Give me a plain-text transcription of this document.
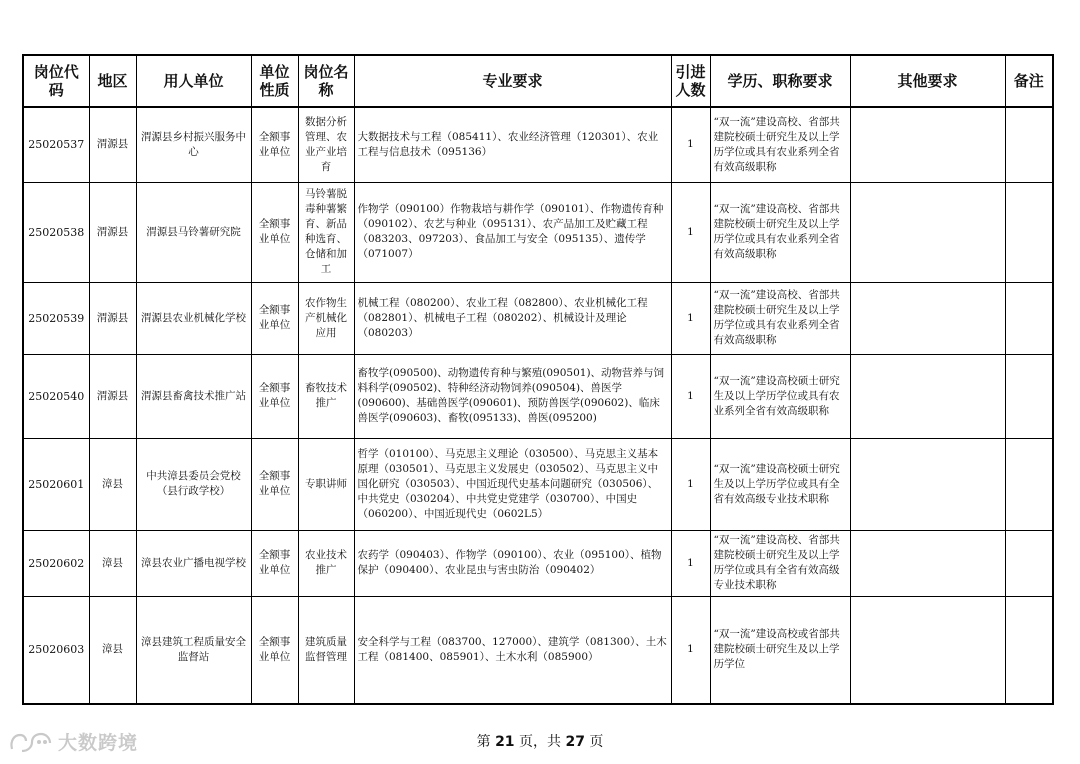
岗位代码	地区	用人单位	单位性质	岗位名称	专业要求	引进人数	学历、职称要求	其他要求	备注
25020537	渭源县	渭源县乡村振兴服务中心	全额事业单位	数据分析管理、农业产业培育	大数据技术与工程（085411）、农业经济管理（120301）、农业工程与信息技术（095136）	1	“双一流”建设高校、省部共建院校硕士研究生及以上学历学位或具有农业系列全省有效高级职称		
25020538	渭源县	渭源县马铃薯研究院	全额事业单位	马铃薯脱毒种薯繁育、新品种选育、仓储和加工	作物学（090100）作物栽培与耕作学（090101）、作物遗传育种（090102）、农艺与种业（095131）、农产品加工及贮藏工程（083203、097203）、食品加工与安全（095135）、遗传学（071007）	1	“双一流”建设高校、省部共建院校硕士研究生及以上学历学位或具有农业系列全省有效高级职称		
25020539	渭源县	渭源县农业机械化学校	全额事业单位	农作物生产机械化应用	机械工程（080200）、农业工程（082800）、农业机械化工程（082801）、机械电子工程（080202）、机械设计及理论（080203）	1	“双一流”建设高校、省部共建院校硕士研究生及以上学历学位或具有农业系列全省有效高级职称		
25020540	渭源县	渭源县畜禽技术推广站	全额事业单位	畜牧技术推广	畜牧学(090500)、动物遗传育种与繁殖(090501)、动物营养与饲料科学(090502)、特种经济动物饲养(090504)、兽医学(090600)、基础兽医学(090601)、预防兽医学(090602)、临床兽医学(090603)、畜牧(095133)、兽医(095200)	1	“双一流”建设高校硕士研究生及以上学历学位或具有农业系列全省有效高级职称		
25020601	漳县	中共漳县委员会党校（县行政学校）	全额事业单位	专职讲师	哲学（010100）、马克思主义理论（030500）、马克思主义基本原理（030501）、马克思主义发展史（030502）、马克思主义中国化研究（030503）、中国近现代史基本问题研究（030506）、中共党史（030204）、中共党史党建学（030700）、中国史（060200）、中国近现代史（0602L5）	1	“双一流”建设高校硕士研究生及以上学历学位或具有全省有效高级专业技术职称		
25020602	漳县	漳县农业广播电视学校	全额事业单位	农业技术推广	农药学（090403）、作物学（090100）、农业（095100）、植物保护（090400）、农业昆虫与害虫防治（090402）	1	“双一流”建设高校、省部共建院校硕士研究生及以上学历学位或具有全省有效高级专业技术职称		
25020603	漳县	漳县建筑工程质量安全监督站	全额事业单位	建筑质量监督管理	安全科学与工程（083700、127000）、建筑学（081300）、土木工程（081400、085901）、土木水利（085900）	1	“双一流”建设高校或省部共建院校硕士研究生及以上学历学位		
大数跨境	第 21 页，共 27 页
